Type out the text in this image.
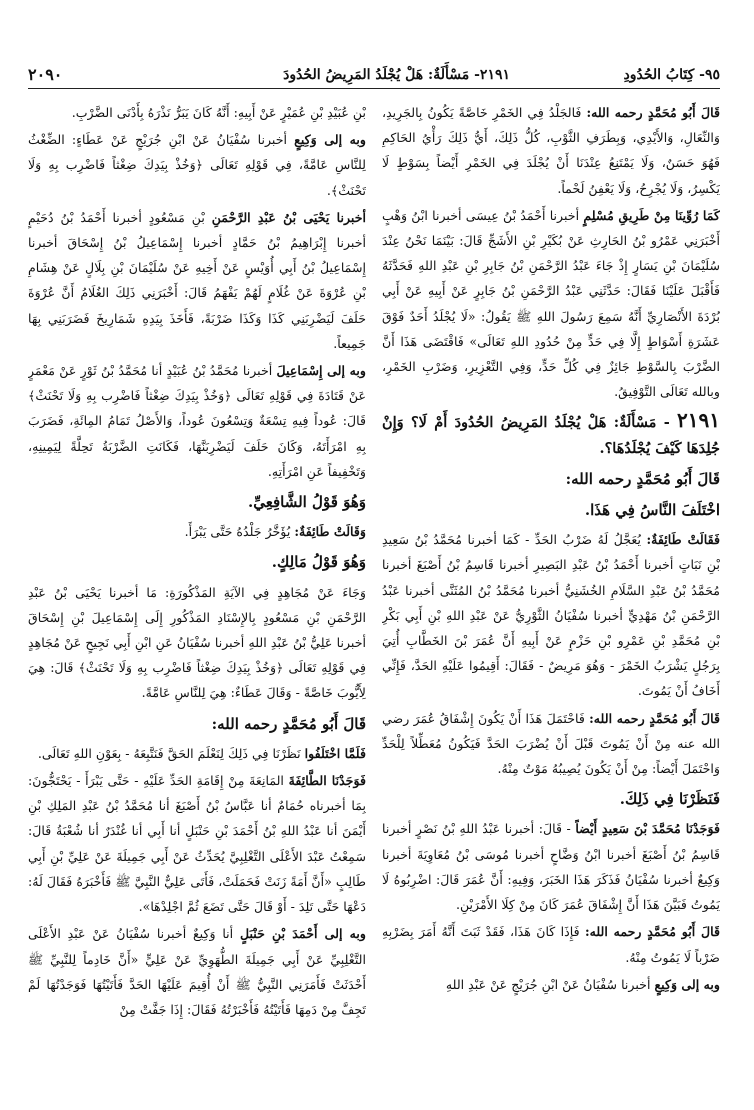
٩٥- كِتَابُ الحُدُودِ
٢١٩١- مَسْأَلَةٌ: هَلْ يُجْلَدُ المَرِيضُ الحُدُودَ
٢٠٩٠
قَالَ أَبُو مُحَمَّدٍ رحمه الله: فَالجَلْدُ فِي الخَمْرِ خَاصَّةً يَكُونُ بِالجَرِيدِ، وَالنِّعَالِ، وَالأَيْدِي، وَبِطَرَفِ الثَّوْبِ، كُلُّ ذَلِكَ، أَيُّ ذَلِكَ رَأْيُ الحَاكِمِ فَهُوَ حَسَنٌ، وَلَا يَمْتَنِعُ عِنْدَنَا أَنْ يُجْلَدَ فِي الخَمْرِ أَيْضاً بِسَوْطٍ لَا يَكْسِرُ، وَلَا يُجْرِحُ، وَلَا يَعْفِنُ لَحْماً.
كَمَا رُوِّينَا مِنْ طَرِيقِ مُسْلِمٍ أخبرنا أَحْمَدُ بْنُ عِيسَى أخبرنا ابْنُ وَهْبٍ أَخْبَرَنِي عَمْرُو بْنُ الحَارِثِ عَنْ بُكَيْرِ بْنِ الأَشَجِّ قَالَ: بَيْنَمَا نَحْنُ عِنْدَ سُلَيْمَانَ بْنِ يَسَارٍ إِذْ جَاءَ عَبْدُ الرَّحْمَنِ بْنُ جَابِرِ بْنِ عَبْدِ اللهِ فَحَدَّثَهُ فَأَقْبَلَ عَلَيْنَا فَقَالَ: حَدَّثَنِي عَبْدُ الرَّحْمَنِ بْنُ جَابِرٍ عَنْ أَبِيهِ عَنْ أَبِي بُرْدَةَ الأَنْصَارِيِّ أَنَّهُ سَمِعَ رَسُولَ اللهِ ﷺ يَقُولُ: «لَا يُجْلَدُ أَحَدٌ فَوْقَ عَشَرَةِ أَسْوَاطٍ إِلَّا فِي حَدٍّ مِنْ حُدُودِ اللهِ تَعَالَى» فَاقْتَضَى هَذَا أَنَّ الضَّرْبَ بِالسَّوْطِ جَائِزٌ فِي كُلِّ حَدٍّ، وَفِي التَّعْزِيرِ، وَضَرْبِ الخَمْرِ، وبالله تَعَالَى التَّوْفِيقُ.
٢١٩١ - مَسْأَلَةٌ: هَلْ يُجْلَدُ المَرِيضُ الحُدُودَ أَمْ لَا؟ وَإِنْ جُلِدَهَا كَيْفَ يُجْلَدُهَا؟.
قَالَ أَبُو مُحَمَّدٍ رحمه الله:
اخْتَلَفَ النَّاسُ فِي هَذَا.
فَقَالَتْ طَائِفَةٌ: يُعَجَّلُ لَهُ ضَرْبُ الحَدِّ - كَمَا أخبرنا مُحَمَّدُ بْنُ سَعِيدِ بْنِ نَبَاتٍ أخبرنا أَحْمَدُ بْنُ عَبْدِ البَصِيرِ أخبرنا قَاسِمُ بْنُ أَصْبَغَ أخبرنا مُحَمَّدُ بْنُ عَبْدِ السَّلَامِ الخُشَنِيُّ أخبرنا مُحَمَّدُ بْنُ المُثَنَّى أخبرنا عَبْدُ الرَّحْمَنِ بْنُ مَهْدِيٍّ أخبرنا سُفْيَانُ الثَّوْرِيُّ عَنْ عَبْدِ اللهِ بْنِ أَبِي بَكْرِ بْنِ مُحَمَّدِ بْنِ عَمْرِو بْنِ حَزْمٍ عَنْ أَبِيهِ أَنَّ عُمَرَ بْنَ الخَطَّابِ أُتِيَ بِرَجُلٍ يَشْرَبُ الخَمْرَ - وَهُوَ مَرِيضٌ - فَقَالَ: أَقِيمُوا عَلَيْهِ الحَدَّ، فَإِنِّي أَخَافُ أَنْ يَمُوتَ.
قَالَ أَبُو مُحَمَّدٍ رحمه الله: فَاحْتَمَلَ هَذَا أَنْ يَكُونَ إِشْفَاقُ عُمَرَ رضي الله عنه مِنْ أَنْ يَمُوتَ قَبْلَ أَنْ يُضْرَبَ الحَدَّ فَيَكُونُ مُعَطِّلاً لِلْحَدِّ وَاحْتَمَلَ أَيْضاً: مِنْ أَنْ يَكُونَ يُصِيبُهُ مَوْتٌ مِنْهُ.
فَنَظَرْنَا فِي ذَلِكَ.
فَوَجَدْنَا مُحَمَّدَ بْنَ سَعِيدٍ أَيْضاً - قَالَ: أخبرنا عَبْدُ اللهِ بْنُ نَصْرٍ أخبرنا قَاسِمُ بْنُ أَصْبَغَ أخبرنا ابْنُ وَضَّاحٍ أخبرنا مُوسَى بْنُ مُعَاوِيَةَ أخبرنا وَكِيعٌ أخبرنا سُفْيَانُ فَذَكَرَ هَذَا الخَبَرَ، وَفِيهِ: أَنَّ عُمَرَ قَالَ: اضْرِبُوهُ لَا يَمُوتُ فَبَيَّنَ هَذَا أَنَّ إِشْفَاقَ عُمَرَ كَانَ مِنْ كِلَا الأَمْرَيْنِ.
قَالَ أَبُو مُحَمَّدٍ رحمه الله: فَإِذَا كَانَ هَذَا، فَقَدْ ثَبَتَ أَنَّهُ أَمَرَ بِضَرْبِهِ ضَرْباً لَا يَمُوتُ مِنْهُ.
وبه إلى وَكِيعٍ أخبرنا سُفْيَانُ عَنْ ابْنِ جُرَيْجٍ عَنْ عَبْدِ اللهِ
بْنِ عُبَيْدِ بْنِ عُمَيْرٍ عَنْ أَبِيهِ: أَنَّهُ كَانَ يَبَرُّ نَذْرَهُ بِأَدْنَى الضَّرْبِ.
وبه إلى وَكِيعٍ أخبرنا سُفْيَانُ عَنْ ابْنِ جُرَيْجٍ عَنْ عَطَاءٍ: الضِّغْثُ لِلنَّاسِ عَامَّةً، فِي قَوْلِهِ تَعَالَى ﴿وَخُذْ بِيَدِكَ ضِغْثاً فَاضْرِب بِهِ وَلَا تَحْنَثْ﴾.
أخبرنا يَحْيَى بْنُ عَبْدِ الرَّحْمَنِ بْنِ مَسْعُودٍ أخبرنا أَحْمَدُ بْنُ دُحَيْمٍ أخبرنا إِبْرَاهِيمُ بْنُ حَمَّادٍ أخبرنا إِسْمَاعِيلُ بْنُ إِسْحَاقَ أخبرنا إِسْمَاعِيلُ بْنُ أَبِي أُوَيْسٍ عَنْ أَخِيهِ عَنْ سُلَيْمَانَ بْنِ بِلَالٍ عَنْ هِشَامِ بْنِ عُرْوَةَ عَنْ غُلَامٍ لَهُمْ يَفْهَمُ قَالَ: أَخْبَرَنِي ذَلِكَ الغُلَامُ أَنَّ عُرْوَةَ حَلَفَ لَيَضْرِبَنِي كَذَا وَكَذَا ضَرْبَةً، فَأَخَذَ بِيَدِهِ شَمَارِيخَ فَضَرَبَنِي بِهَا جَمِيعاً.
وبه إلى إِسْمَاعِيلَ أخبرنا مُحَمَّدُ بْنُ عُبَيْدٍ أنا مُحَمَّدُ بْنُ ثَوْرٍ عَنْ مَعْمَرٍ عَنْ قَتَادَةَ فِي قَوْلِهِ تَعَالَى ﴿وَخُذْ بِيَدِكَ ضِغْثاً فَاضْرِب بِهِ وَلَا تَحْنَثْ﴾ قَالَ: عُوداً فِيهِ تِسْعَةٌ وَتِسْعُونَ عُوداً، وَالأَصْلُ تَمَامُ المِائَةِ، فَضَرَبَ بِهِ امْرَأَتَهُ، وَكَانَ حَلَفَ لَيَضْرِبَنَّهَا، فَكَانَتِ الضَّرْبَةُ تَحِلَّةً لِيَمِينِهِ، وَتَخْفِيفاً عَنِ امْرَأَتِهِ.
وَهُوَ قَوْلُ الشَّافِعِيِّ.
وَقَالَتْ طَائِفَةٌ: يُؤَخَّرُ جَلْدُهُ حَتَّى يَبْرَأَ.
وَهُوَ قَوْلُ مَالِكٍ.
وَجَاءَ عَنْ مُجَاهِدٍ فِي الآيَةِ المَذْكُورَةِ: مَا أخبرنا يَحْيَى بْنُ عَبْدِ الرَّحْمَنِ بْنِ مَسْعُودٍ بِالإِسْنَادِ المَذْكُورِ إِلَى إِسْمَاعِيلَ بْنِ إِسْحَاقَ أخبرنا عَلِيُّ بْنُ عَبْدِ اللهِ أخبرنا سُفْيَانُ عَنِ ابْنِ أَبِي نَجِيحٍ عَنْ مُجَاهِدٍ فِي قَوْلِهِ تَعَالَى ﴿وَخُذْ بِيَدِكَ ضِغْثاً فَاضْرِب بِهِ وَلَا تَحْنَثْ﴾ قَالَ: هِيَ لِأَيُّوبَ خَاصَّةً - وَقَالَ عَطَاءٌ: هِيَ لِلنَّاسِ عَامَّةً.
قَالَ أَبُو مُحَمَّدٍ رحمه الله:
فَلَمَّا اخْتَلَفُوا نَظَرْنَا فِي ذَلِكَ لِنَعْلَمَ الحَقَّ فَنَتَّبِعَهُ - بِعَوْنِ اللهِ تَعَالَى.
فَوَجَدْنَا الطَّائِفَةَ المَانِعَةَ مِنْ إِقَامَةِ الحَدِّ عَلَيْهِ - حَتَّى يَبْرَأَ - يَحْتَجُّونَ: بِمَا أخبرناه حُمَامٌ أنا عَبَّاسُ بْنُ أَصْبَغَ أنا مُحَمَّدُ بْنُ عَبْدِ المَلِكِ بْنِ أَيْمَنَ أنا عَبْدُ اللهِ بْنُ أَحْمَدَ بْنِ حَنْبَلٍ أنا أَبِي أنا غُنْدَرٌ أنا شُعْبَةُ قَالَ: سَمِعْتُ عَبْدَ الأَعْلَى التَّغْلِبِيَّ يُحَدِّثُ عَنْ أَبِي جَمِيلَةَ عَنْ عَلِيِّ بْنِ أَبِي طَالِبٍ «أَنَّ أَمَةً زَنَتْ فَحَمَلَتْ، فَأَتَى عَلِيٌّ النَّبِيَّ ﷺ فَأَخْبَرَهُ فَقَالَ لَهُ: دَعْهَا حَتَّى تَلِدَ - أَوْ قَالَ حَتَّى تَضَعَ ثُمَّ اجْلِدْهَا».
وبه إلى أَحْمَدَ بْنِ حَنْبَلٍ أنا وَكِيعٌ أخبرنا سُفْيَانُ عَنْ عَبْدِ الأَعْلَى التَّغْلِبِيِّ عَنْ أَبِي جَمِيلَةَ الطُّهَوِيِّ عَنْ عَلِيٍّ «أَنَّ خَادِماً لِلنَّبِيِّ ﷺ أَحْدَثَتْ فَأَمَرَنِي النَّبِيُّ ﷺ أَنْ أُقِيمَ عَلَيْهَا الحَدَّ فَأَتَيْتُهَا فَوَجَدْتُهَا لَمْ تَجِفَّ مِنْ دَمِهَا فَأَتَيْتُهُ فَأَخْبَرْتُهُ فَقَالَ: إِذَا جَفَّتْ مِنْ
